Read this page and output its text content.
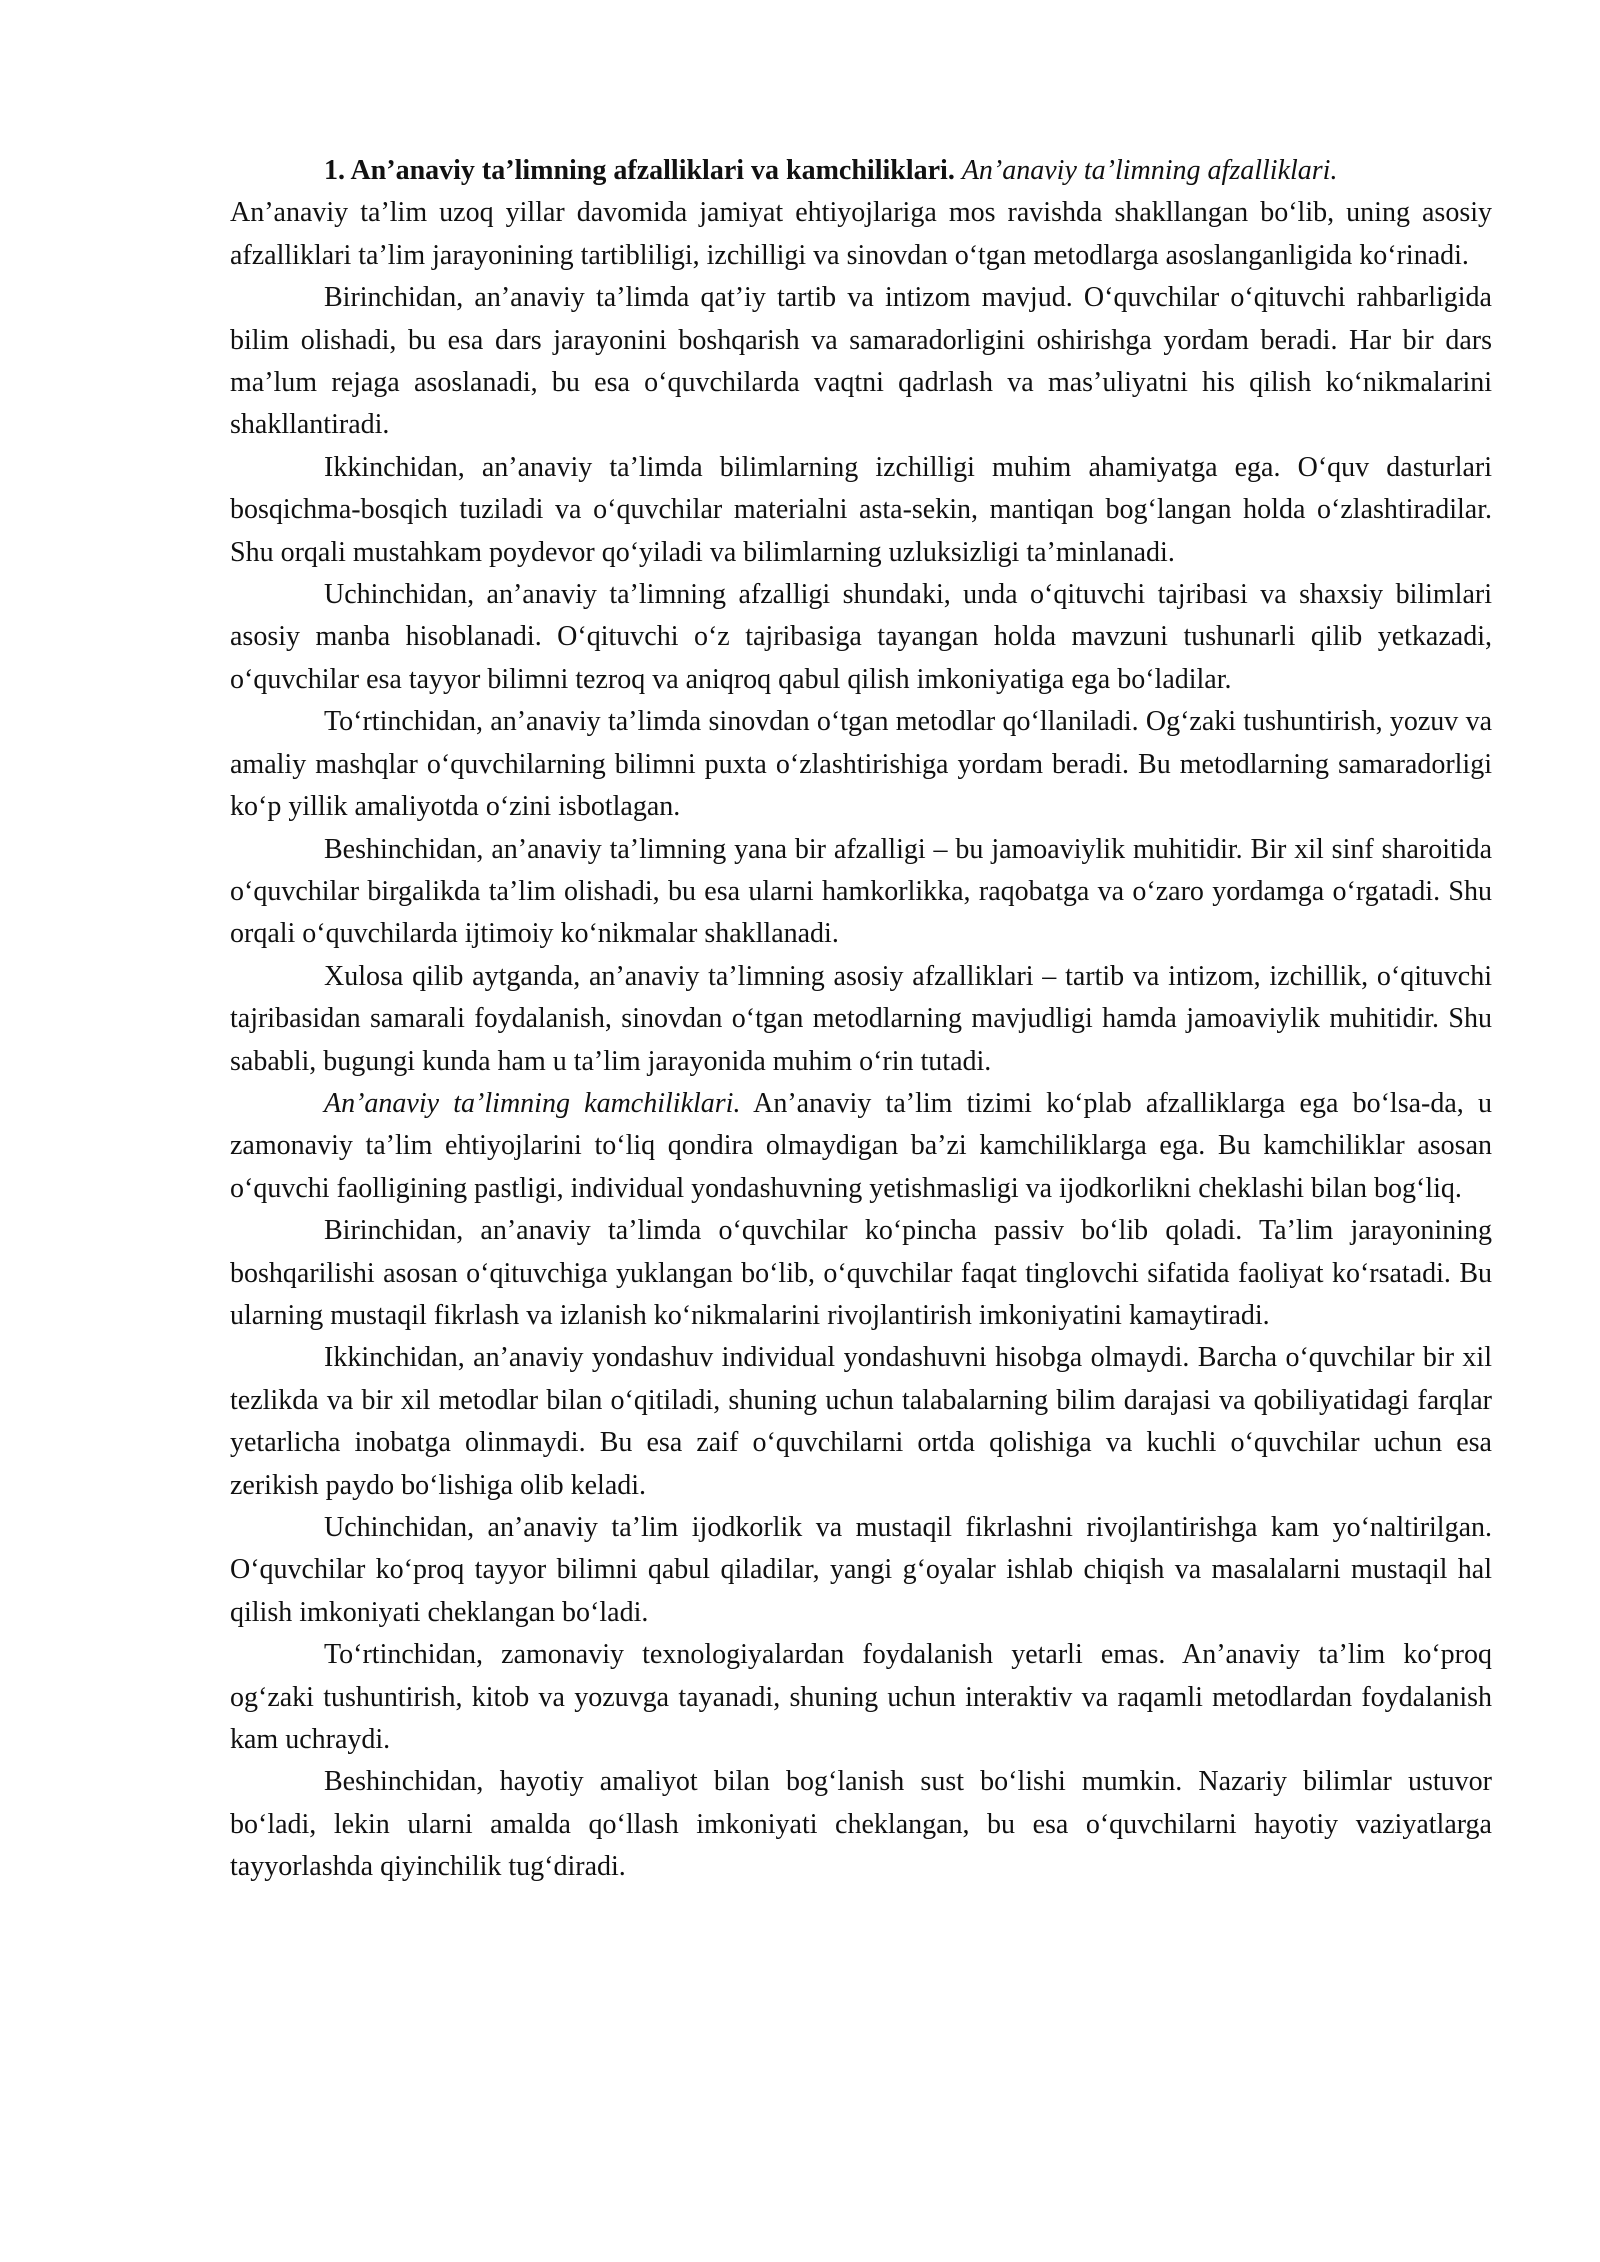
1. An’anaviy ta’limning afzalliklari va kamchiliklari. An’anaviy ta’limning afzalliklari.

An’anaviy ta’lim uzoq yillar davomida jamiyat ehtiyojlariga mos ravishda shakllangan bo‘lib, uning asosiy afzalliklari ta’lim jarayonining tartibliligi, izchilligi va sinovdan o‘tgan metodlarga asoslanganligida ko‘rinadi.

Birinchidan, an’anaviy ta’limda qat’iy tartib va intizom mavjud. O‘quvchilar o‘qituvchi rahbarligida bilim olishadi, bu esa dars jarayonini boshqarish va samaradorligini oshirishga yordam beradi. Har bir dars ma’lum rejaga asoslanadi, bu esa o‘quvchilarda vaqtni qadrlash va mas’uliyatni his qilish ko‘nikmalarini shakllantiradi.

Ikkinchidan, an’anaviy ta’limda bilimlarning izchilligi muhim ahamiyatga ega. O‘quv dasturlari bosqichma-bosqich tuziladi va o‘quvchilar materialni asta-sekin, mantiqan bog‘langan holda o‘zlashtiradilar. Shu orqali mustahkam poydevor qo‘yiladi va bilimlarning uzluksizligi ta’minlanadi.

Uchinchidan, an’anaviy ta’limning afzalligi shundaki, unda o‘qituvchi tajribasi va shaxsiy bilimlari asosiy manba hisoblanadi. O‘qituvchi o‘z tajribasiga tayangan holda mavzuni tushunarli qilib yetkazadi, o‘quvchilar esa tayyor bilimni tezroq va aniqroq qabul qilish imkoniyatiga ega bo‘ladilar.

To‘rtinchidan, an’anaviy ta’limda sinovdan o‘tgan metodlar qo‘llaniladi. Og‘zaki tushuntirish, yozuv va amaliy mashqlar o‘quvchilarning bilimni puxta o‘zlashtirishiga yordam beradi. Bu metodlarning samaradorligi ko‘p yillik amaliyotda o‘zini isbotlagan.

Beshinchidan, an’anaviy ta’limning yana bir afzalligi – bu jamoaviylik muhitidir. Bir xil sinf sharoitida o‘quvchilar birgalikda ta’lim olishadi, bu esa ularni hamkorlikka, raqobatga va o‘zaro yordamga o‘rgatadi. Shu orqali o‘quvchilarda ijtimoiy ko‘nikmalar shakllanadi.

Xulosa qilib aytganda, an’anaviy ta’limning asosiy afzalliklari – tartib va intizom, izchillik, o‘qituvchi tajribasidan samarali foydalanish, sinovdan o‘tgan metodlarning mavjudligi hamda jamoaviylik muhitidir. Shu sababli, bugungi kunda ham u ta’lim jarayonida muhim o‘rin tutadi.

An’anaviy ta’limning kamchiliklari. An’anaviy ta’lim tizimi ko‘plab afzalliklarga ega bo‘lsa-da, u zamonaviy ta’lim ehtiyojlarini to‘liq qondira olmaydigan ba’zi kamchiliklarga ega. Bu kamchiliklar asosan o‘quvchi faolligining pastligi, individual yondashuvning yetishmasligi va ijodkorlikni cheklashi bilan bog‘liq.

Birinchidan, an’anaviy ta’limda o‘quvchilar ko‘pincha passiv bo‘lib qoladi. Ta’lim jarayonining boshqarilishi asosan o‘qituvchiga yuklangan bo‘lib, o‘quvchilar faqat tinglovchi sifatida faoliyat ko‘rsatadi. Bu ularning mustaqil fikrlash va izlanish ko‘nikmalarini rivojlantirish imkoniyatini kamaytiradi.

Ikkinchidan, an’anaviy yondashuv individual yondashuvni hisobga olmaydi. Barcha o‘quvchilar bir xil tezlikda va bir xil metodlar bilan o‘qitiladi, shuning uchun talabalarning bilim darajasi va qobiliyatidagi farqlar yetarlicha inobatga olinmaydi. Bu esa zaif o‘quvchilarni ortda qolishiga va kuchli o‘quvchilar uchun esa zerikish paydo bo‘lishiga olib keladi.

Uchinchidan, an’anaviy ta’lim ijodkorlik va mustaqil fikrlashni rivojlantirishga kam yo‘naltirilgan. O‘quvchilar ko‘proq tayyor bilimni qabul qiladilar, yangi g‘oyalar ishlab chiqish va masalalarni mustaqil hal qilish imkoniyati cheklangan bo‘ladi.

To‘rtinchidan, zamonaviy texnologiyalardan foydalanish yetarli emas. An’anaviy ta’lim ko‘proq og‘zaki tushuntirish, kitob va yozuvga tayanadi, shuning uchun interaktiv va raqamli metodlardan foydalanish kam uchraydi.

Beshinchidan, hayotiy amaliyot bilan bog‘lanish sust bo‘lishi mumkin. Nazariy bilimlar ustuvor bo‘ladi, lekin ularni amalda qo‘llash imkoniyati cheklangan, bu esa o‘quvchilarni hayotiy vaziyatlarga tayyorlashda qiyinchilik tug‘diradi.
